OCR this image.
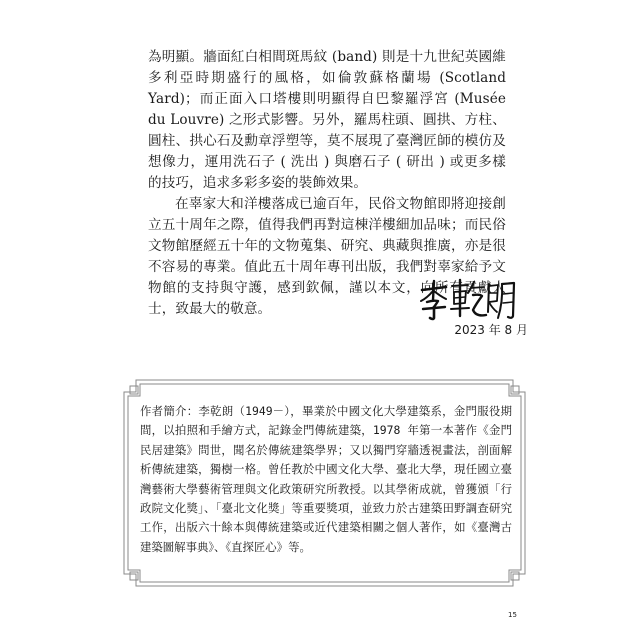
為明顯。牆面紅白相間斑馬紋 (band) 則是十九世紀英國維多利亞時期盛行的風格，如倫敦蘇格蘭場 (Scotland Yard)；而正面入口塔樓則明顯得自巴黎羅浮宮 (Musée du Louvre) 之形式影響。另外，羅馬柱頭、圓拱、方柱、圓柱、拱心石及勳章浮塑等，莫不展現了臺灣匠師的模仿及想像力，運用洗石子 ( 洗出 ) 與磨石子 ( 研出 ) 或更多樣的技巧，追求多彩多姿的裝飾效果。

在辜家大和洋樓落成已逾百年，民俗文物館即將迎接創立五十周年之際，值得我們再對這棟洋樓細加品味；而民俗文物館歷經五十年的文物蒐集、研究、典藏與推廣，亦是很不容易的專業。值此五十周年專刊出版，我們對辜家給予文物館的支持與守護，感到欽佩，謹以本文，向所有貢獻人士，致最大的敬意。

2023 年 8 月

作者簡介：李乾朗（1949－），畢業於中國文化大學建築系，金門服役期間，以拍照和手繪方式，記錄金門傳統建築，1978 年第一本著作《金門民居建築》問世，聞名於傳統建築學界；又以獨門穿牆透視畫法，剖面解析傳統建築，獨樹一格。曾任教於中國文化大學、臺北大學，現任國立臺灣藝術大學藝術管理與文化政策研究所教授。以其學術成就，曾獲頒「行政院文化獎」、「臺北文化獎」等重要獎項，並致力於古建築田野調查研究工作，出版六十餘本與傳統建築或近代建築相關之個人著作，如《臺灣古建築圖解事典》、《直探匠心》等。

15
